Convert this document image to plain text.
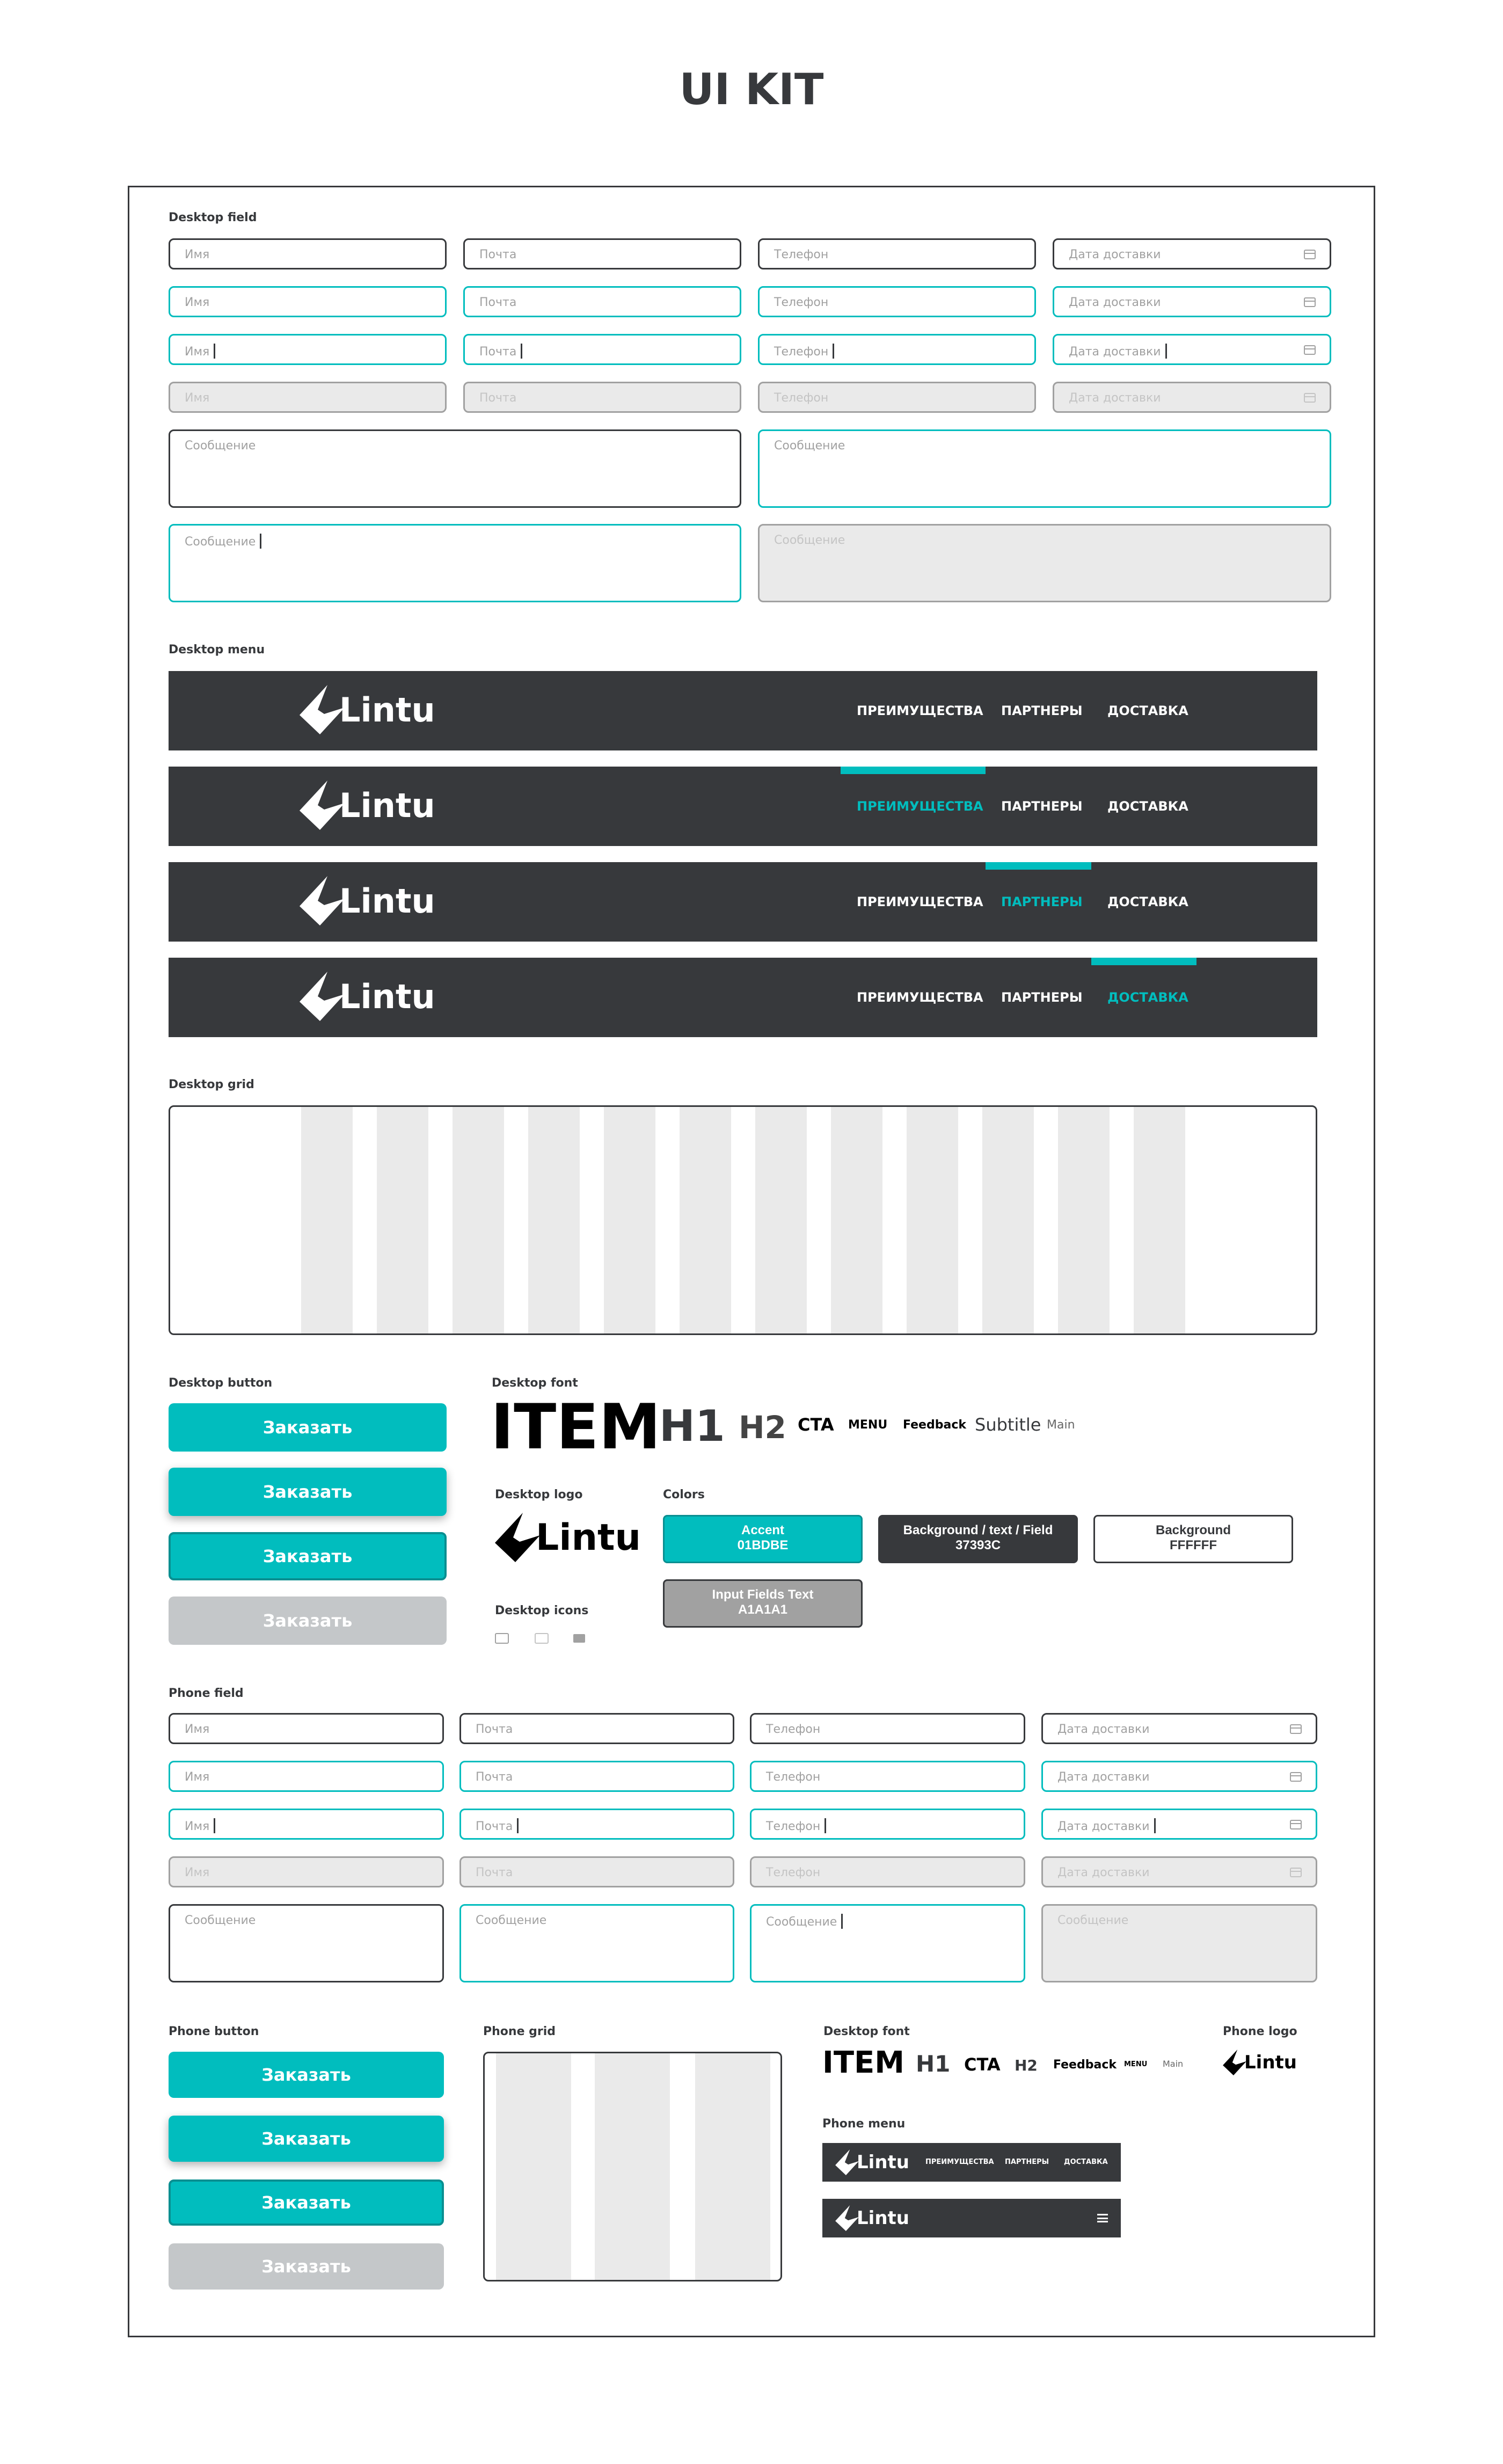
UI KIT
Desktop field
Имя	Почта	Телефон	Дата доставки
Имя	Почта	Телефон	Дата доставки
Имя	Почта	Телефон	Дата доставки
Имя	Почта	Телефон	Дата доставки
Сообщение	Сообщение
Сообщение	Сообщение
Desktop menu
Lintu	ПРЕИМУЩЕСТВА ПАРТНЕРЫ ДОСТАВКА
Lintu	ПРЕИМУЩЕСТВА ПАРТНЕРЫ ДОСТАВКА
Lintu	ПРЕИМУЩЕСТВА ПАРТНЕРЫ ДОСТАВКА
Lintu	ПРЕИМУЩЕСТВА ПАРТНЕРЫ ДОСТАВКА
Desktop grid
Desktop button
Заказать
Заказать
Заказать
Заказать
Desktop font
ITEM
H1 H2 CTA MENU Feedback Subtitle Main
Desktop logo
Lintu
Colors
Accent
01BDBE
Background / text / Field
37393C
Background
FFFFFF
Input Fields Text
A1A1A1
Desktop icons
Phone field
Имя	Почта	Телефон	Дата доставки
Имя	Почта	Телефон	Дата доставки
Имя	Почта	Телефон	Дата доставки
Имя	Почта	Телефон	Дата доставки
Сообщение	Сообщение	Сообщение	Сообщение
Phone button
Заказать
Заказать
Заказать
Заказать
Phone grid	Desktop font
ITEM H1 CTA H2 Feedback MENU Main
Phone logo
Lintu
Phone menu
Lintu ПРЕИМУЩЕСТВА ПАРТНЕРЫ ДОСТАВКА
Lintu
